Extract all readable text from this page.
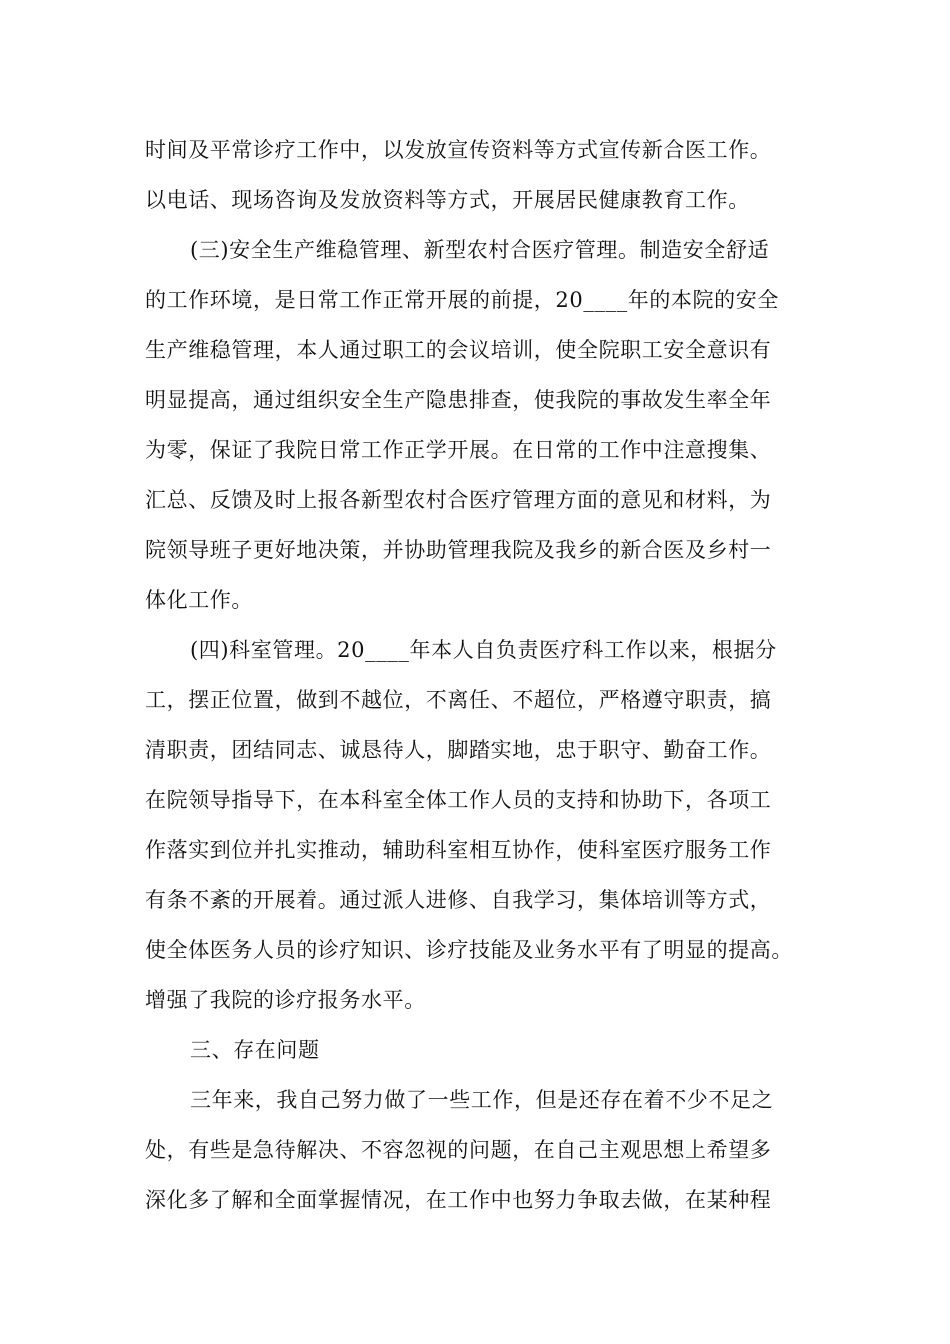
时间及平常诊疗工作中，以发放宣传资料等方式宣传新合医工作。
以电话、现场咨询及发放资料等方式，开展居民健康教育工作。
(三)安全生产维稳管理、新型农村合医疗管理。制造安全舒适
的工作环境，是日常工作正常开展的前提，20____年的本院的安全
生产维稳管理，本人通过职工的会议培训，使全院职工安全意识有
明显提高，通过组织安全生产隐患排查，使我院的事故发生率全年
为零，保证了我院日常工作正学开展。在日常的工作中注意搜集、
汇总、反馈及时上报各新型农村合医疗管理方面的意见和材料，为
院领导班子更好地决策，并协助管理我院及我乡的新合医及乡村一
体化工作。
(四)科室管理。20____年本人自负责医疗科工作以来，根据分
工，摆正位置，做到不越位，不离任、不超位，严格遵守职责，搞
清职责，团结同志、诚恳待人，脚踏实地，忠于职守、勤奋工作。
在院领导指导下，在本科室全体工作人员的支持和协助下，各项工
作落实到位并扎实推动，辅助科室相互协作，使科室医疗服务工作
有条不紊的开展着。通过派人进修、自我学习，集体培训等方式，
使全体医务人员的诊疗知识、诊疗技能及业务水平有了明显的提高。
增强了我院的诊疗报务水平。
三、存在问题
三年来，我自己努力做了一些工作，但是还存在着不少不足之
处，有些是急待解决、不容忽视的问题，在自己主观思想上希望多
深化多了解和全面掌握情况，在工作中也努力争取去做，在某种程
